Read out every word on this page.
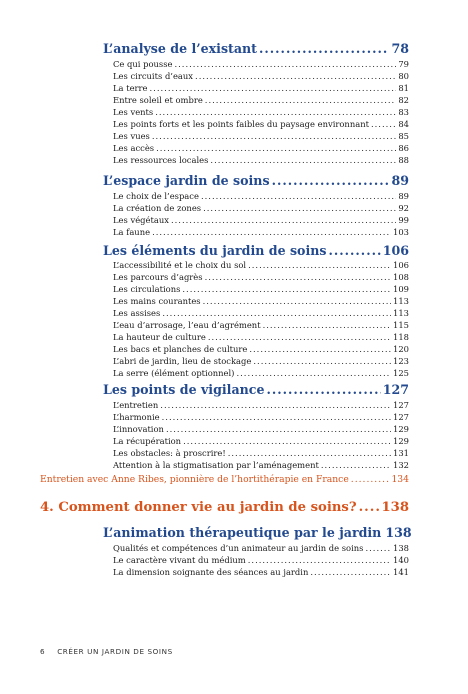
L’analyse de l’existant .....	78
Ce qui pousse .....	79
Les circuits d’eaux .....	80
La terre .....	81
Entre soleil et ombre .....	82
Les vents .....	83
Les points forts et les points faibles du paysage environnant .....	84
Les vues .....	85
Les accès .....	86
Les ressources locales .....	88
L’espace jardin de soins .....	89
Le choix de l’espace .....	89
La création de zones .....	92
Les végétaux .....	99
La faune .....	103
Les éléments du jardin de soins .....	106
L’accessibilité et le choix du sol .....	106
Les parcours d’agrès .....	108
Les circulations .....	109
Les mains courantes .....	113
Les assises .....	113
L’eau d’arrosage, l’eau d’agrément .....	115
La hauteur de culture .....	118
Les bacs et planches de culture .....	120
L’abri de jardin, lieu de stockage .....	123
La serre (élément optionnel) .....	125
Les points de vigilance .....	127
L’entretien .....	127
L’harmonie .....	127
L’innovation .....	129
La récupération .....	129
Les obstacles: à proscrire! .....	131
Attention à la stigmatisation par l’aménagement .....	132
Entretien avec Anne Ribes, pionnière de l’hortithérapie en France .....	134
4. Comment donner vie au jardin de soins? ..... 138
L’animation thérapeutique par le jardin 138
Qualités et compétences d’un animateur au jardin de soins .....	138
Le caractère vivant du médium .....	140
La dimension soignante des séances au jardin .....	141
6 CRÉER UN JARDIN DE SOINS
